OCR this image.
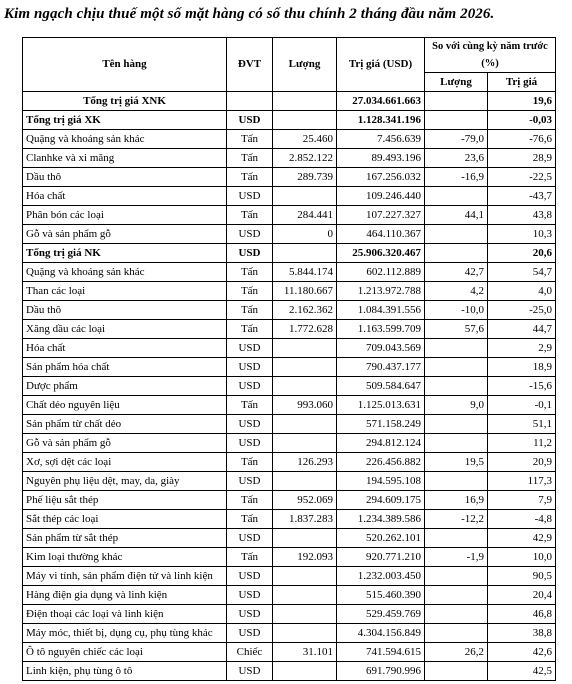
Kim ngạch chịu thuế một số mặt hàng có số thu chính 2 tháng đầu năm 2026.
Tên hàng	ĐVT	Lượng	Trị giá (USD)	So với cùng kỳ năm trước (%)	
				Lượng	Trị giá
Tổng trị giá XNK			27.034.661.663		19,6
Tổng trị giá XK	USD		1.128.341.196		-0,03
Quặng và khoáng sản khác	Tấn	25.460	7.456.639	-79,0	-76,6
Clanhke và xi măng	Tấn	2.852.122	89.493.196	23,6	28,9
Dầu thô	Tấn	289.739	167.256.032	-16,9	-22,5
Hóa chất	USD		109.246.440		-43,7
Phân bón các loại	Tấn	284.441	107.227.327	44,1	43,8
Gỗ và sản phẩm gỗ	USD	0	464.110.367		10,3
Tổng trị giá NK	USD		25.906.320.467		20,6
Quặng và khoáng sản khác	Tấn	5.844.174	602.112.889	42,7	54,7
Than các loại	Tấn	11.180.667	1.213.972.788	4,2	4,0
Dầu thô	Tấn	2.162.362	1.084.391.556	-10,0	-25,0
Xăng dầu các loại	Tấn	1.772.628	1.163.599.709	57,6	44,7
Hóa chất	USD		709.043.569		2,9
Sản phẩm hóa chất	USD		790.437.177		18,9
Dược phẩm	USD		509.584.647		-15,6
Chất dẻo nguyên liệu	Tấn	993.060	1.125.013.631	9,0	-0,1
Sản phẩm từ chất dẻo	USD		571.158.249		51,1
Gỗ và sản phẩm gỗ	USD		294.812.124		11,2
Xơ, sợi dệt các loại	Tấn	126.293	226.456.882	19,5	20,9
Nguyên phụ liệu dệt, may, da, giày	USD		194.595.108		117,3
Phế liệu sắt thép	Tấn	952.069	294.609.175	16,9	7,9
Sắt thép các loại	Tấn	1.837.283	1.234.389.586	-12,2	-4,8
Sản phẩm từ sắt thép	USD		520.262.101		42,9
Kim loại thường khác	Tấn	192.093	920.771.210	-1,9	10,0
Máy vi tính, sản phẩm điện tử và linh kiện	USD		1.232.003.450		90,5
Hàng điện gia dụng và linh kiện	USD		515.460.390		20,4
Điện thoại các loại và linh kiện	USD		529.459.769		46,8
Máy móc, thiết bị, dụng cụ, phụ tùng khác	USD		4.304.156.849		38,8
Ô tô nguyên chiếc các loại	Chiếc	31.101	741.594.615	26,2	42,6
Linh kiện, phụ tùng ô tô	USD		691.790.996		42,5
